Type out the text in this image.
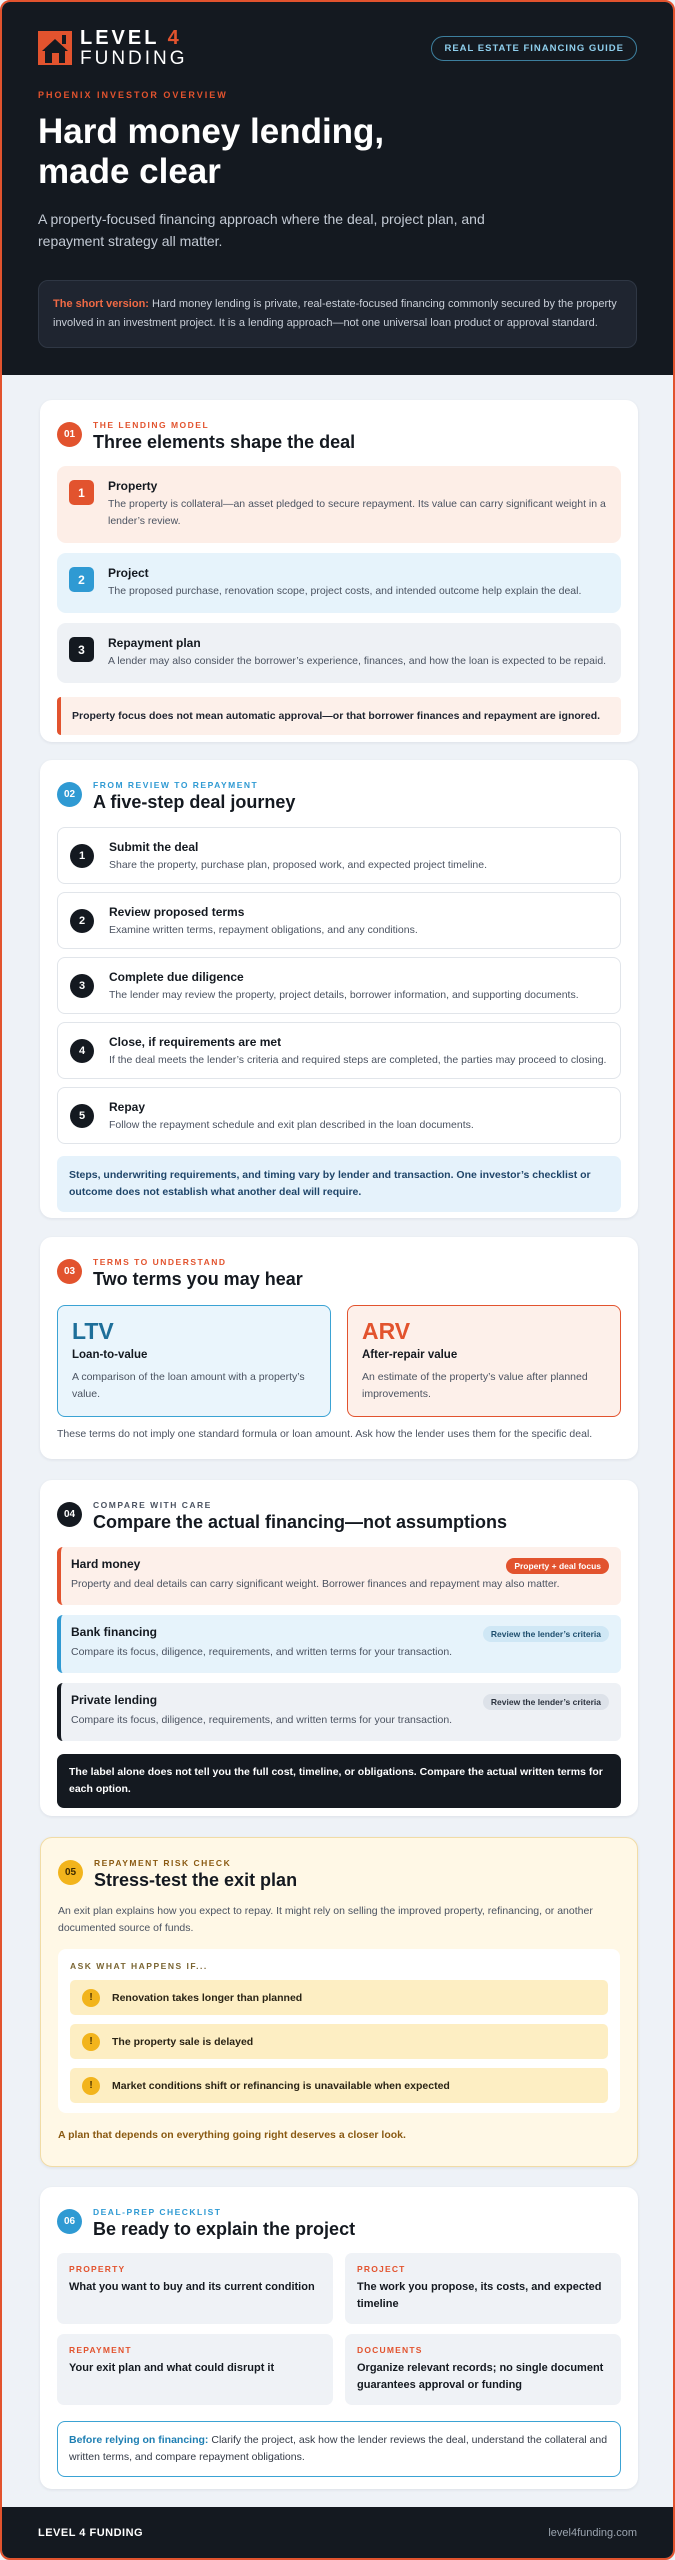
LEVEL 4
FUNDING	REAL ESTATE FINANCING GUIDE
PHOENIX INVESTOR OVERVIEW
Hard money lending,
made clear

A property-focused financing approach where the deal, project plan, and repayment strategy all matter.

The short version: Hard money lending is private, real-estate-focused financing commonly secured by the property involved in an investment project. It is a lending approach—not one universal loan product or approval standard.
01
THE LENDING MODEL
Three elements shape the deal
1	Property
The property is collateral—an asset pledged to secure repayment. Its value can carry significant weight in a lender’s review.
2	Project
The proposed purchase, renovation scope, project costs, and intended outcome help explain the deal.
3	Repayment plan
A lender may also consider the borrower’s experience, finances, and how the loan is expected to be repaid.
Property focus does not mean automatic approval—or that borrower finances and repayment are ignored.
02
FROM REVIEW TO REPAYMENT
A five-step deal journey
1
Submit the deal
Share the property, purchase plan, proposed work, and expected project timeline.
2
Review proposed terms
Examine written terms, repayment obligations, and any conditions.
3
Complete due diligence
The lender may review the property, project details, borrower information, and supporting documents.
4
Close, if requirements are met
If the deal meets the lender’s criteria and required steps are completed, the parties may proceed to closing.
5
Repay
Follow the repayment schedule and exit plan described in the loan documents.
Steps, underwriting requirements, and timing vary by lender and transaction. One investor’s checklist or outcome does not establish what another deal will require.
03
TERMS TO UNDERSTAND
Two terms you may hear
LTV
Loan-to-value
A comparison of the loan amount with a property’s value.
ARV
After-repair value
An estimate of the property’s value after planned improvements.
These terms do not imply one standard formula or loan amount. Ask how the lender uses them for the specific deal.
04
COMPARE WITH CARE
Compare the actual financing—not assumptions
Hard money	Property + deal focus
Property and deal details can carry significant weight. Borrower finances and repayment may also matter.
Bank financing	Review the lender’s criteria
Compare its focus, diligence, requirements, and written terms for your transaction.
Private lending	Review the lender’s criteria
Compare its focus, diligence, requirements, and written terms for your transaction.
The label alone does not tell you the full cost, timeline, or obligations. Compare the actual written terms for each option.
05
REPAYMENT RISK CHECK
Stress-test the exit plan
An exit plan explains how you expect to repay. It might rely on selling the improved property, refinancing, or another documented source of funds.
ASK WHAT HAPPENS IF...
!	Renovation takes longer than planned
!	The property sale is delayed
!	Market conditions shift or refinancing is unavailable when expected
A plan that depends on everything going right deserves a closer look.
06
DEAL-PREP CHECKLIST
Be ready to explain the project
PROPERTY
What you want to buy and its current condition
PROJECT
The work you propose, its costs, and expected timeline
REPAYMENT
Your exit plan and what could disrupt it
DOCUMENTS
Organize relevant records; no single document guarantees approval or funding
Before relying on financing: Clarify the project, ask how the lender reviews the deal, understand the collateral and written terms, and compare repayment obligations.
LEVEL 4 FUNDING	level4funding.com
